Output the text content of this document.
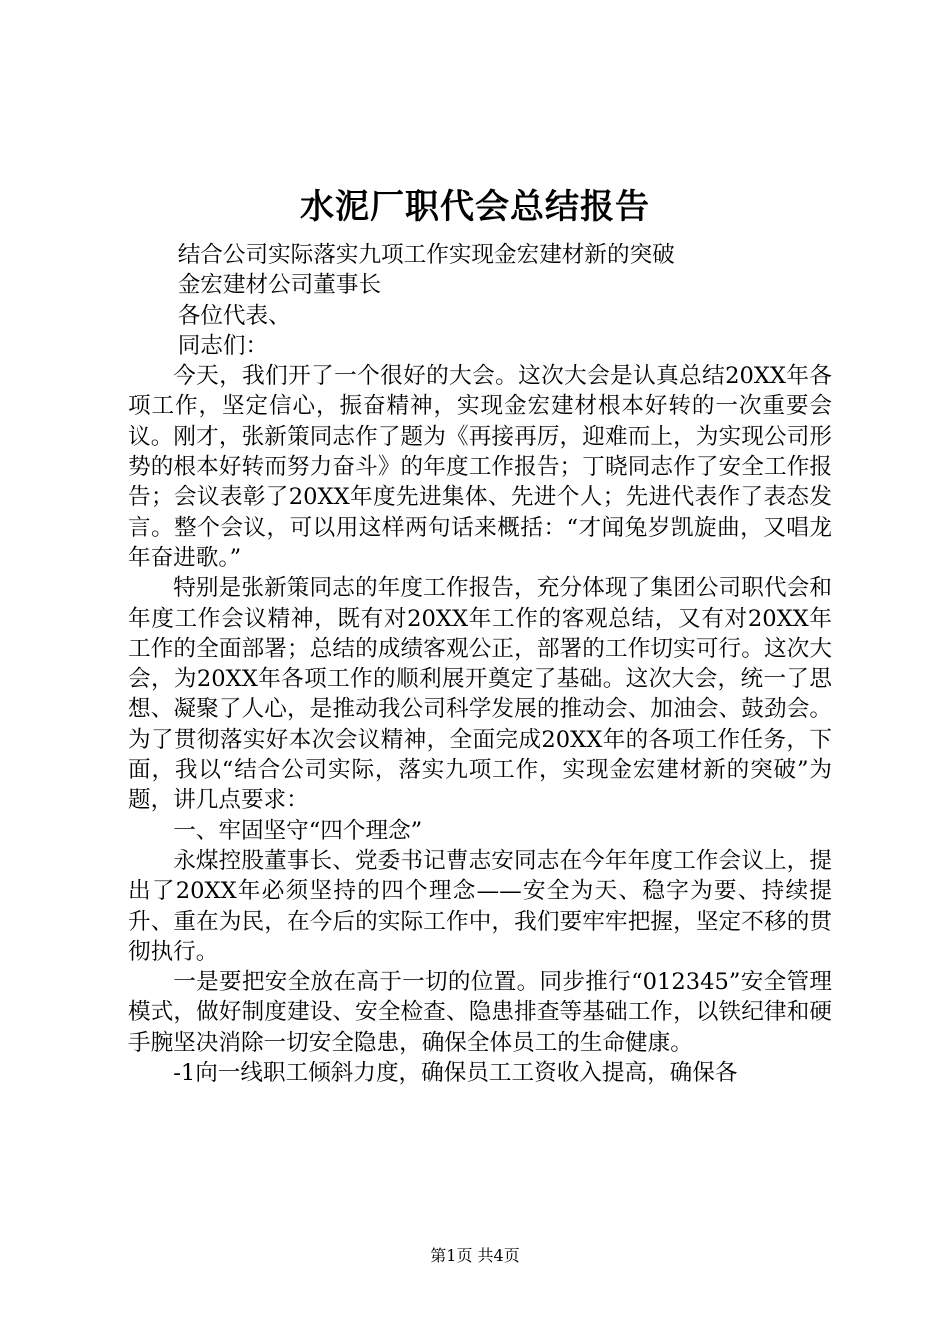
水泥厂职代会总结报告

结合公司实际落实九项工作实现金宏建材新的突破

金宏建材公司董事长

各位代表、

同志们：

今天，我们开了一个很好的大会。这次大会是认真总结20XX年各项工作，坚定信心，振奋精神，实现金宏建材根本好转的一次重要会议。刚才，张新策同志作了题为《再接再厉，迎难而上，为实现公司形势的根本好转而努力奋斗》的年度工作报告；丁晓同志作了安全工作报告；会议表彰了20XX年度先进集体、先进个人；先进代表作了表态发言。整个会议，可以用这样两句话来概括：“才闻兔岁凯旋曲，又唱龙年奋进歌。”

特别是张新策同志的年度工作报告，充分体现了集团公司职代会和年度工作会议精神，既有对20XX年工作的客观总结，又有对20XX年工作的全面部署；总结的成绩客观公正，部署的工作切实可行。这次大会，为20XX年各项工作的顺利展开奠定了基础。这次大会，统一了思想、凝聚了人心，是推动我公司科学发展的推动会、加油会、鼓劲会。为了贯彻落实好本次会议精神，全面完成20XX年的各项工作任务，下面，我以“结合公司实际，落实九项工作，实现金宏建材新的突破”为题，讲几点要求：

一、牢固坚守“四个理念”

永煤控股董事长、党委书记曹志安同志在今年年度工作会议上，提出了20XX年必须坚持的四个理念——安全为天、稳字为要、持续提升、重在为民，在今后的实际工作中，我们要牢牢把握，坚定不移的贯彻执行。

一是要把安全放在高于一切的位置。同步推行“012345”安全管理模式，做好制度建设、安全检查、隐患排查等基础工作，以铁纪律和硬手腕坚决消除一切安全隐患，确保全体员工的生命健康。

-1向一线职工倾斜力度，确保员工工资收入提高，确保各

第1页 共4页
